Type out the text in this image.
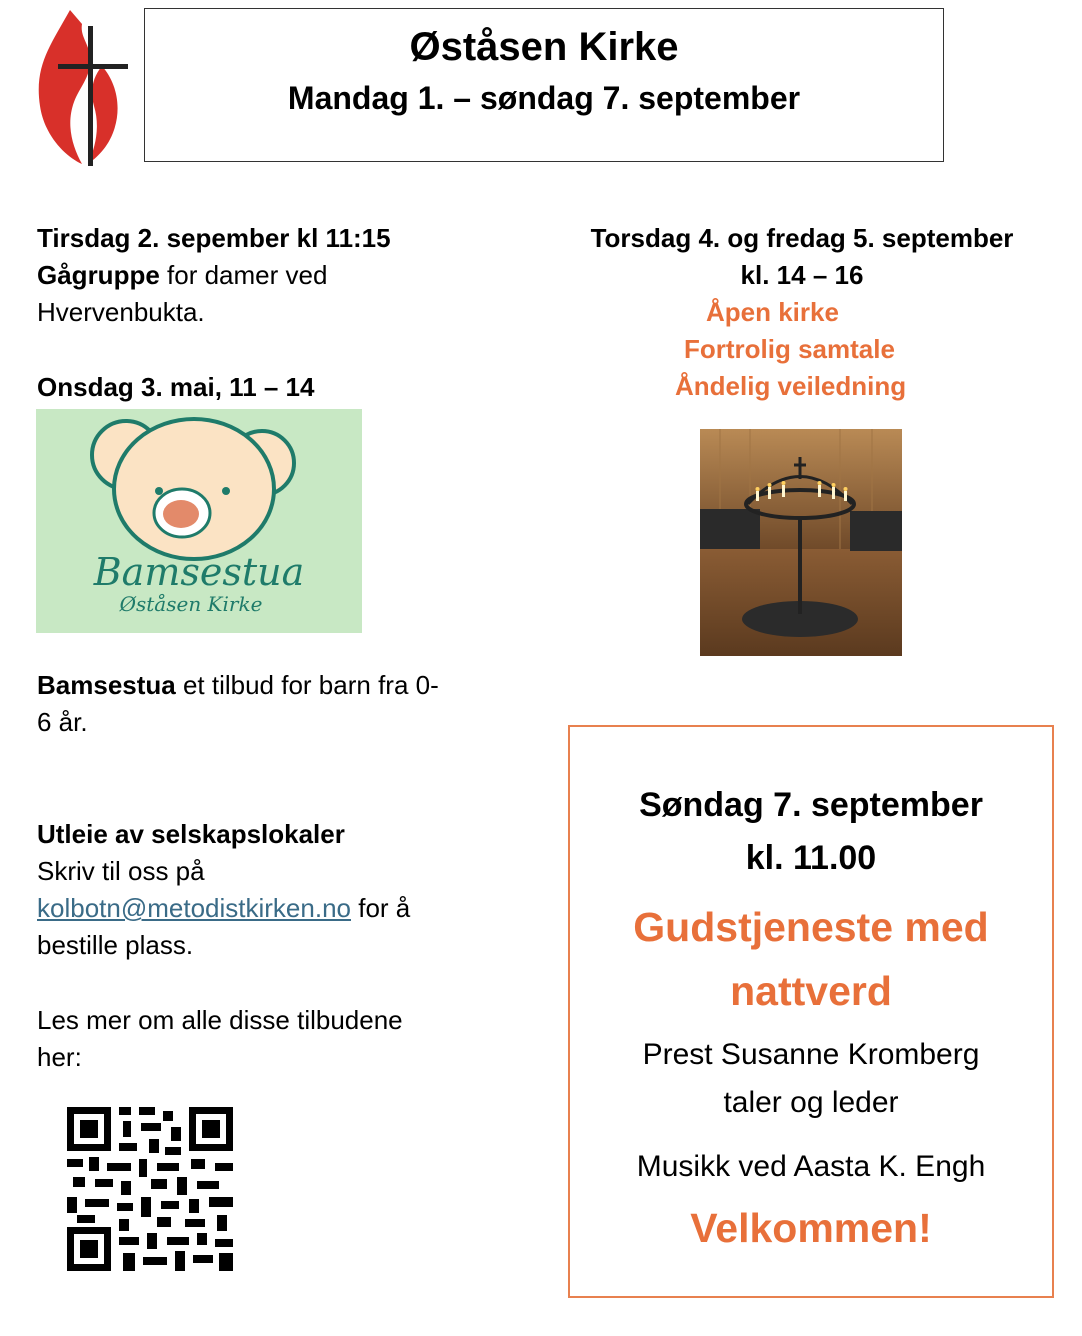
Øståsen Kirke
Mandag 1. – søndag 7. september
Tirsdag 2. sepember kl 11:15
Gågruppe for damer ved
Hvervenbukta.
Onsdag 3. mai, 11 – 14
Bamsestua
Øståsen Kirke
Bamsestua et tilbud for barn fra 0-
6 år.
Utleie av selskapslokaler
Skriv til oss på
kolbotn@metodistkirken.no for å
bestille plass.
Les mer om alle disse tilbudene
her:
Torsdag 4. og fredag 5. september
kl. 14 – 16
Åpen kirke
Fortrolig samtale
Åndelig veiledning
Søndag 7. september
kl. 11.00
Gudstjeneste med
nattverd
Prest Susanne Kromberg
taler og leder
Musikk ved Aasta K. Engh
Velkommen!
